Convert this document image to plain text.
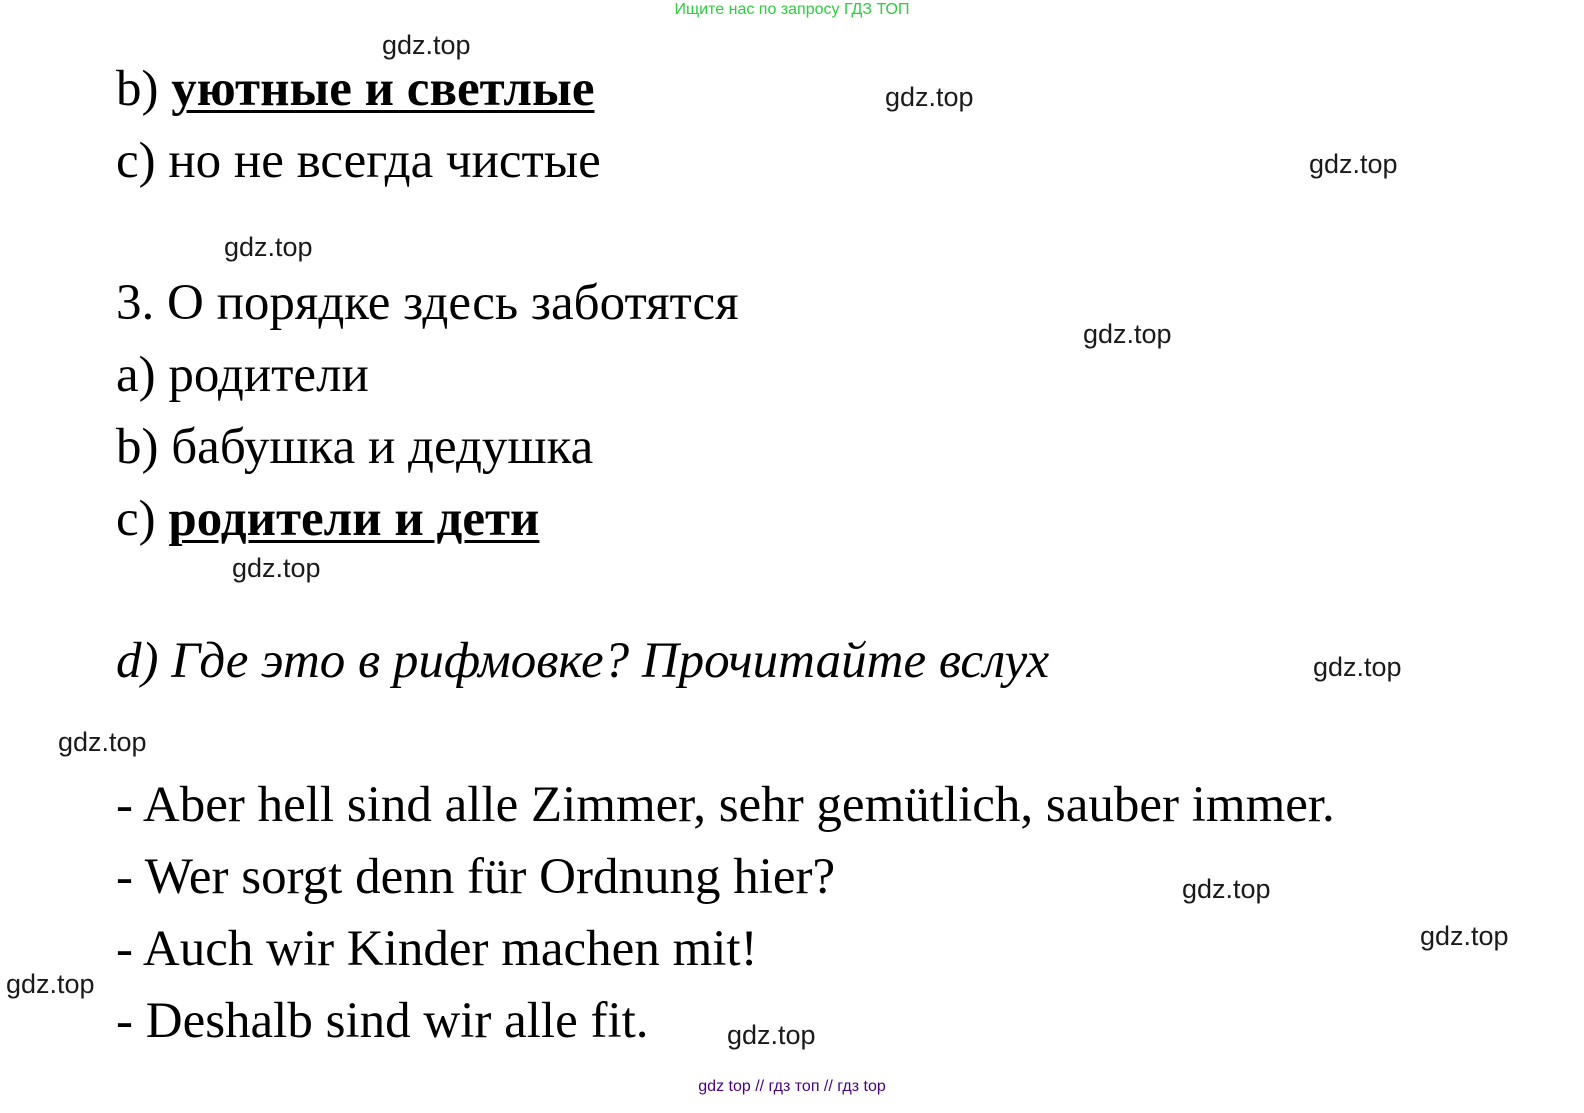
Ищите нас по запросу ГДЗ ТОП
b) уютные и светлые
c) но не всегда чистые
3. О порядке здесь заботятся
a) родители
b) бабушка и дедушка
c) родители и дети
d) Где это в рифмовке? Прочитайте вслух
- Aber hell sind alle Zimmer, sehr gemütlich, sauber immer.
- Wer sorgt denn für Ordnung hier?
- Auch wir Kinder machen mit!
- Deshalb sind wir alle fit.
gdz.top
gdz.top
gdz.top
gdz.top
gdz.top
gdz.top
gdz.top
gdz.top
gdz.top
gdz.top
gdz.top
gdz.top
gdz top // гдз топ // гдз top
